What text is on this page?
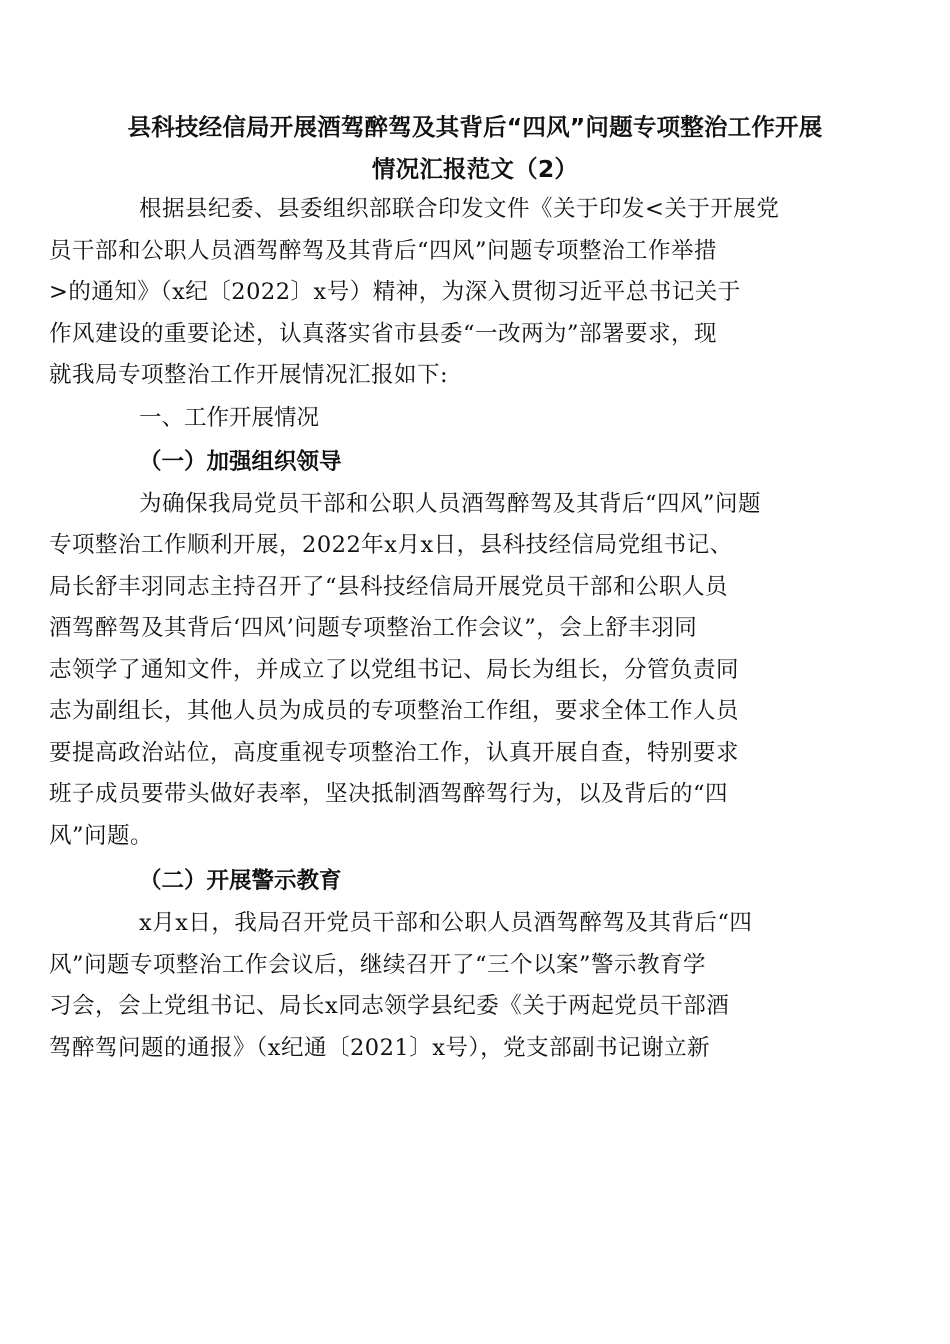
县科技经信局开展酒驾醉驾及其背后“四风”问题专项整治工作开展
情况汇报范文（2）
根据县纪委、县委组织部联合印发文件《关于印发<关于开展党
员干部和公职人员酒驾醉驾及其背后“四风”问题专项整治工作举措
>的通知》（x纪〔2022〕x号）精神，为深入贯彻习近平总书记关于
作风建设的重要论述，认真落实省市县委“一改两为”部署要求，现
就我局专项整治工作开展情况汇报如下:

一、工作开展情况

（一）加强组织领导

为确保我局党员干部和公职人员酒驾醉驾及其背后“四风”问题
专项整治工作顺利开展，2022年x月x日，县科技经信局党组书记、
局长舒丰羽同志主持召开了“县科技经信局开展党员干部和公职人员
酒驾醉驾及其背后‘四风’问题专项整治工作会议”，会上舒丰羽同
志领学了通知文件，并成立了以党组书记、局长为组长，分管负责同
志为副组长，其他人员为成员的专项整治工作组，要求全体工作人员
要提高政治站位，高度重视专项整治工作，认真开展自查，特别要求
班子成员要带头做好表率，坚决抵制酒驾醉驾行为，以及背后的“四
风”问题。

（二）开展警示教育

x月x日，我局召开党员干部和公职人员酒驾醉驾及其背后“四
风”问题专项整治工作会议后，继续召开了“三个以案”警示教育学
习会，会上党组书记、局长x同志领学县纪委《关于两起党员干部酒
驾醉驾问题的通报》（x纪通〔2021〕x号），党支部副书记谢立新
